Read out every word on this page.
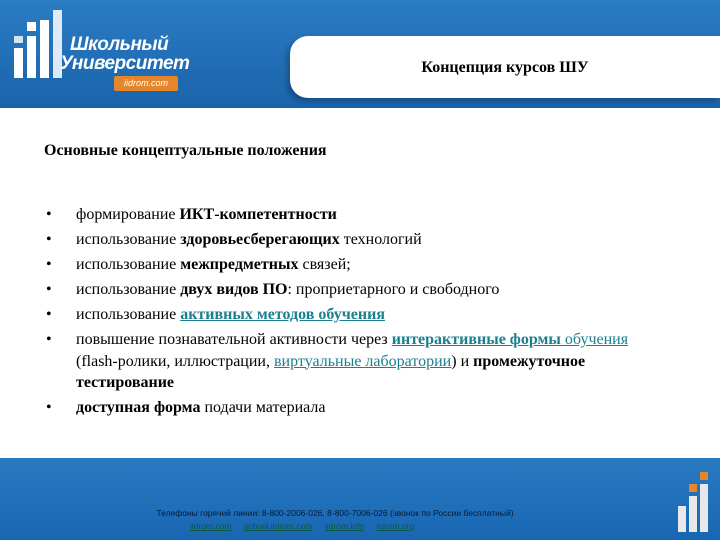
Школьный
Университет
iidrom.com
Концепция курсов ШУ
Основные концептуальные положения
• формирование ИКТ-компетентности
• использование здоровьесберегающих технологий
• использование межпредметных связей;
• использование двух видов ПО: проприетарного и свободного
• использование активных методов обучения
• повышение познавательной активности через интерактивные формы обучения (flash-ролики, иллюстрации, виртуальные лаборатории) и промежуточное тестирование
• доступная форма подачи материала
Телефоны горячей линии: 8-800-2006-026, 8-800-7006-026 (звонок по России бесплатный)
iidrom.com school.iidrom.com iidrom.info iidrom.org
